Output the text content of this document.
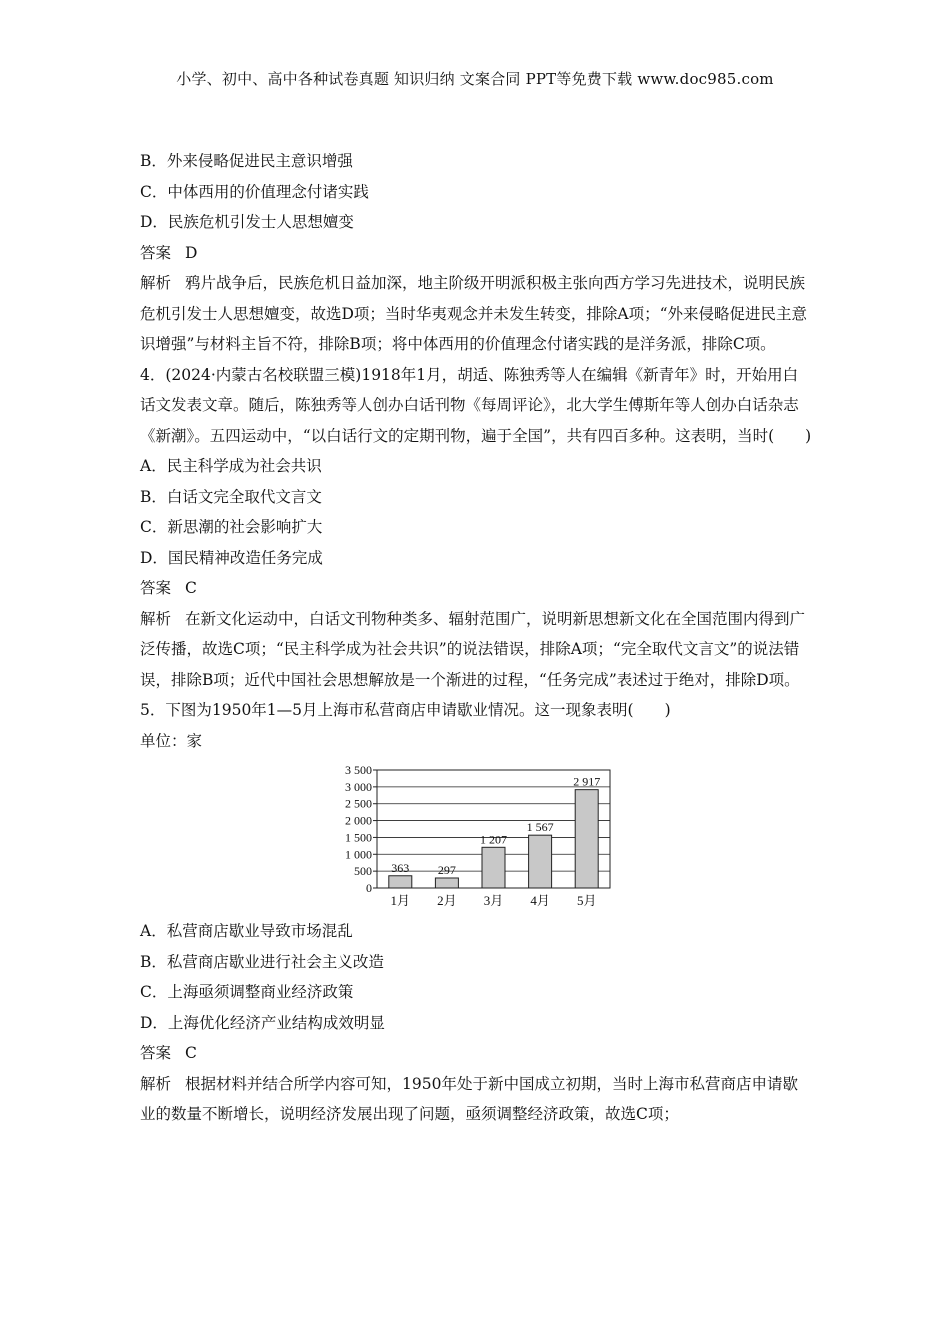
小学、初中、高中各种试卷真题 知识归纳 文案合同 PPT等免费下载 www.doc985.com
B．外来侵略促进民主意识增强
C．中体西用的价值理念付诸实践
D．民族危机引发士人思想嬗变
答案 D
解析 鸦片战争后，民族危机日益加深，地主阶级开明派积极主张向西方学习先进技术，说明民族危机引发士人思想嬗变，故选D项；当时华夷观念并未发生转变，排除A项；“外来侵略促进民主意识增强”与材料主旨不符，排除B项；将中体西用的价值理念付诸实践的是洋务派，排除C项。
4．(2024·内蒙古名校联盟三模)1918年1月，胡适、陈独秀等人在编辑《新青年》时，开始用白话文发表文章。随后，陈独秀等人创办白话刊物《每周评论》，北大学生傅斯年等人创办白话杂志《新潮》。五四运动中，“以白话行文的定期刊物，遍于全国”，共有四百多种。这表明，当时(　　)
A．民主科学成为社会共识
B．白话文完全取代文言文
C．新思潮的社会影响扩大
D．国民精神改造任务完成
答案 C
解析 在新文化运动中，白话文刊物种类多、辐射范围广，说明新思想新文化在全国范围内得到广泛传播，故选C项；“民主科学成为社会共识”的说法错误，排除A项；“完全取代文言文”的说法错误，排除B项；近代中国社会思想解放是一个渐进的过程，“任务完成”表述过于绝对，排除D项。
5．下图为1950年1—5月上海市私营商店申请歇业情况。这一现象表明(　　)
单位：家
0
500
1 000
1 500
2 000
2 500
3 000
3 500
363
1月
297
2月
1 207
3月
1 567
4月
2 917
5月
A．私营商店歇业导致市场混乱
B．私营商店歇业进行社会主义改造
C．上海亟须调整商业经济政策
D．上海优化经济产业结构成效明显
答案 C
解析 根据材料并结合所学内容可知，1950年处于新中国成立初期，当时上海市私营商店申请歇业的数量不断增长，说明经济发展出现了问题，亟须调整经济政策，故选C项；
